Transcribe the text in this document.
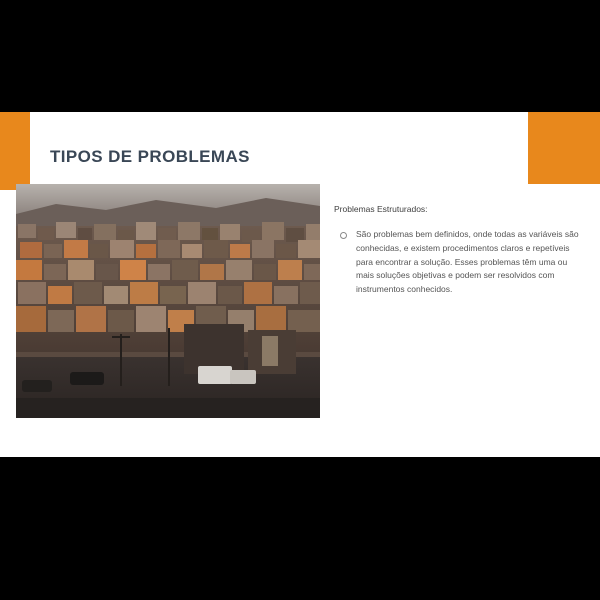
TIPOS DE PROBLEMAS

Problemas Estruturados:

São problemas bem definidos, onde todas as variáveis são conhecidas, e existem procedimentos claros e repetíveis para encontrar a solução. Esses problemas têm uma ou mais soluções objetivas e podem ser resolvidos com instrumentos conhecidos.
